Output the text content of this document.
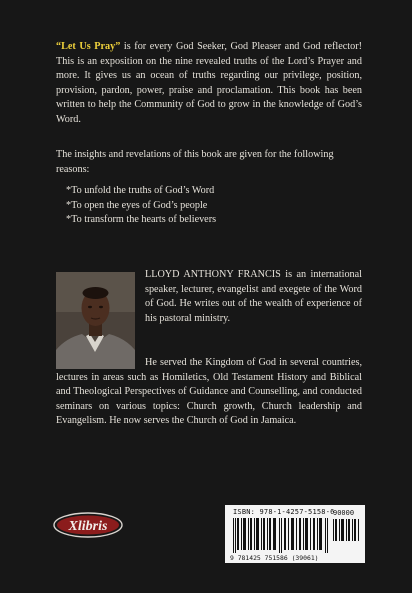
“Let Us Pray” is for every God Seeker, God Pleaser and God reflector! This is an exposition on the nine revealed truths of the Lord’s Prayer and more. It gives us an ocean of truths regarding our privilege, position, provision, pardon, power, praise and proclamation. This book has been written to help the Community of God to grow in the knowledge of God’s Word.

The insights and revelations of this book are given for the following reasons:

*To unfold the truths of God’s Word
*To open the eyes of God’s people
*To transform the hearts of believers

LLOYD ANTHONY FRANCIS is an international speaker, lecturer, evangelist and exegete of the Word of God. He writes out of the wealth of experience of his pastoral ministry.

He served the Kingdom of God in several countries, lectures in areas such as Homiletics, Old Testament History and Biblical and Theological Perspectives of Guidance and Counselling, and conducted seminars on various topics: Church growth, Church leadership and Evangelism. He now serves the Church of God in Jamaica.

Xlibris
ISBN: 978-1-4257-5158-6
90000
9 781425 751586 (39061)
